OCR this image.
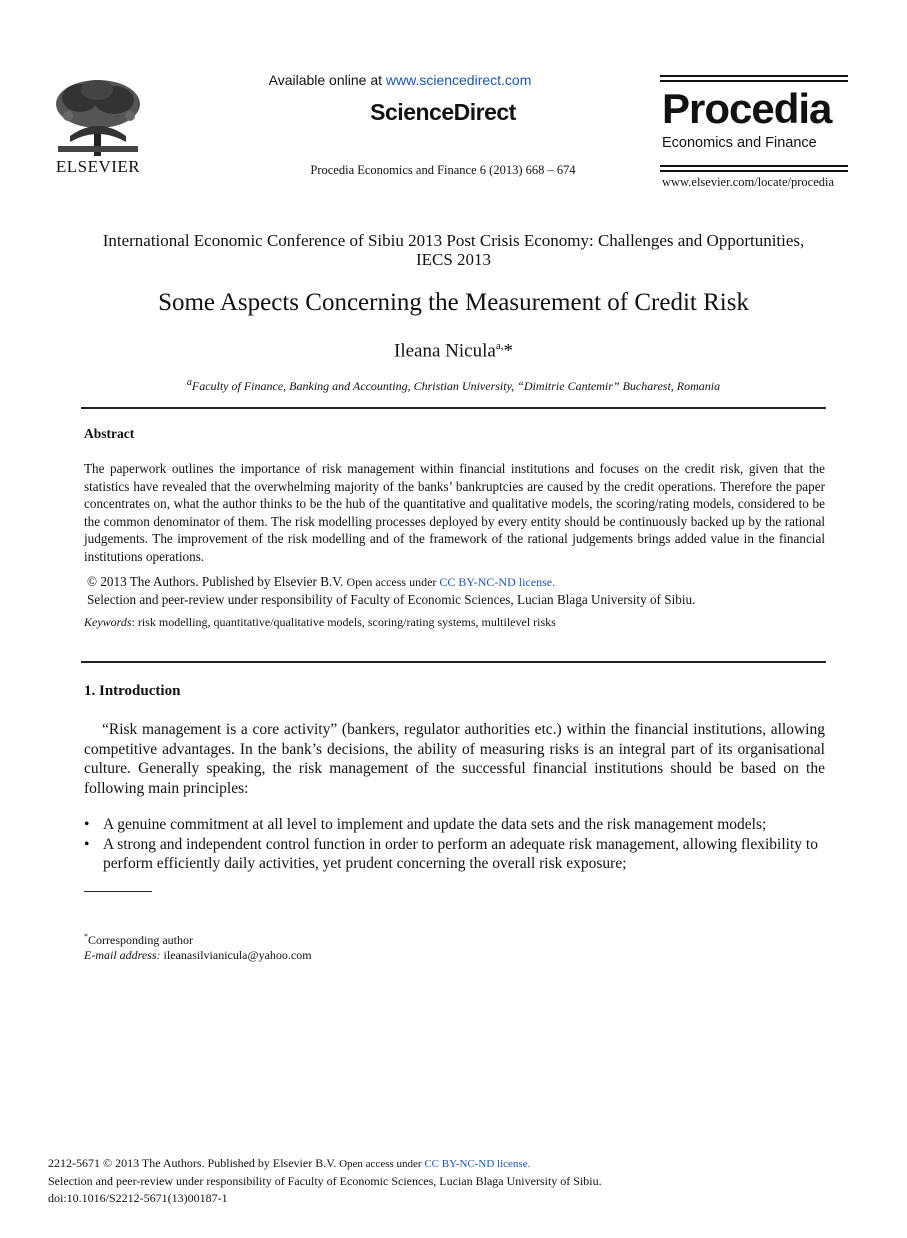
ELSEVIER
Available online at www.sciencedirect.com
ScienceDirect
Procedia Economics and Finance 6 (2013) 668 – 674
Procedia
Economics and Finance
www.elsevier.com/locate/procedia
International Economic Conference of Sibiu 2013 Post Crisis Economy: Challenges and Opportunities, IECS 2013
Some Aspects Concerning the Measurement of Credit Risk
Ileana Nicula$^{a,}$*
$^a$Faculty of Finance, Banking and Accounting, Christian University, “Dimitrie Cantemir” Bucharest, Romania
Abstract
The paperwork outlines the importance of risk management within financial institutions and focuses on the credit risk, given that the statistics have revealed that the overwhelming majority of the banks’ bankruptcies are caused by the credit operations. Therefore the paper concentrates on, what the author thinks to be the hub of the quantitative and qualitative models, the scoring/rating models, considered to be the common denominator of them. The risk modelling processes deployed by every entity should be continuously backed up by the rational judgements. The improvement of the risk modelling and of the framework of the rational judgements brings added value in the financial institutions operations.
© 2013 The Authors. Published by Elsevier B.V. Open access under CC BY-NC-ND license.
Selection and peer-review under responsibility of Faculty of Economic Sciences, Lucian Blaga University of Sibiu.
Keywords: risk modelling, quantitative/qualitative models, scoring/rating systems, multilevel risks
1. Introduction
“Risk management is a core activity” (bankers, regulator authorities etc.) within the financial institutions, allowing competitive advantages. In the bank’s decisions, the ability of measuring risks is an integral part of its organisational culture. Generally speaking, the risk management of the successful financial institutions should be based on the following main principles:
• A genuine commitment at all level to implement and update the data sets and the risk management models;
• A strong and independent control function in order to perform an adequate risk management, allowing flexibility to perform efficiently daily activities, yet prudent concerning the overall risk exposure;
*Corresponding author
E-mail address: ileanasilvianicula@yahoo.com
2212-5671 © 2013 The Authors. Published by Elsevier B.V. Open access under CC BY-NC-ND license.
Selection and peer-review under responsibility of Faculty of Economic Sciences, Lucian Blaga University of Sibiu.
doi:10.1016/S2212-5671(13)00187-1
